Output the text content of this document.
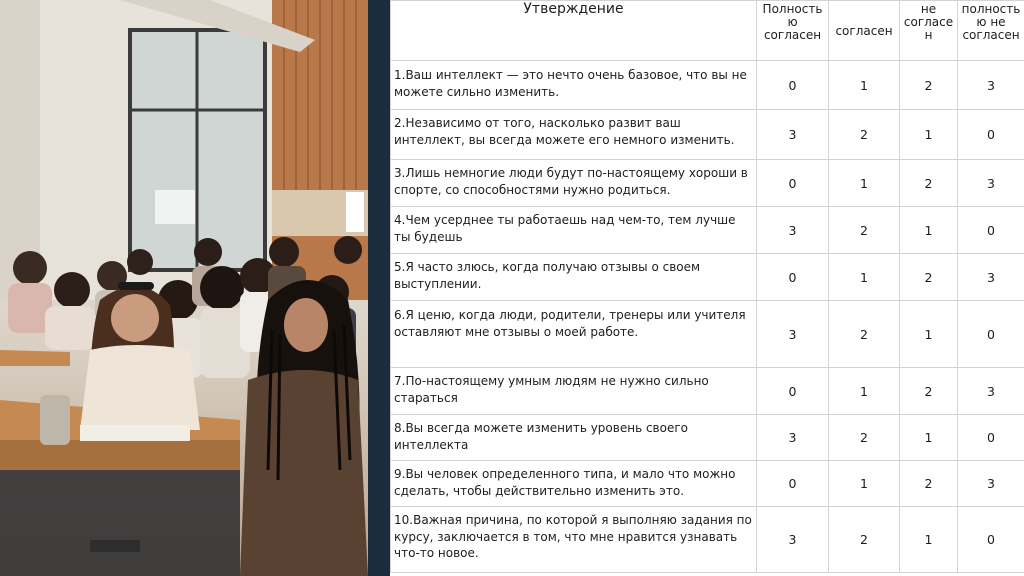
Утверждение	Полность ю согласен	согласен	не согласе н	полность ю не согласен
1.Ваш интеллект — это нечто очень базовое, что вы не можете сильно изменить.	0	1	2	3
2.Независимо от того, насколько развит ваш интеллект, вы всегда можете его немного изменить.	3	2	1	0
3.Лишь немногие люди будут по-настоящему хороши в спорте, со способностями нужно родиться.	0	1	2	3
4.Чем усерднее ты работаешь над чем-то, тем лучше ты будешь	3	2	1	0
5.Я часто злюсь, когда получаю отзывы о своем выступлении.	0	1	2	3
6.Я ценю, когда люди, родители, тренеры или учителя оставляют мне отзывы о моей работе.	3	2	1	0
7.По-настоящему умным людям не нужно сильно стараться	0	1	2	3
8.Вы всегда можете изменить уровень своего интеллекта	3	2	1	0
9.Вы человек определенного типа, и мало что можно сделать, чтобы действительно изменить это.	0	1	2	3
10.Важная причина, по которой я выполняю задания по курсу, заключается в том, что мне нравится узнавать что-то новое.	3	2	1	0
